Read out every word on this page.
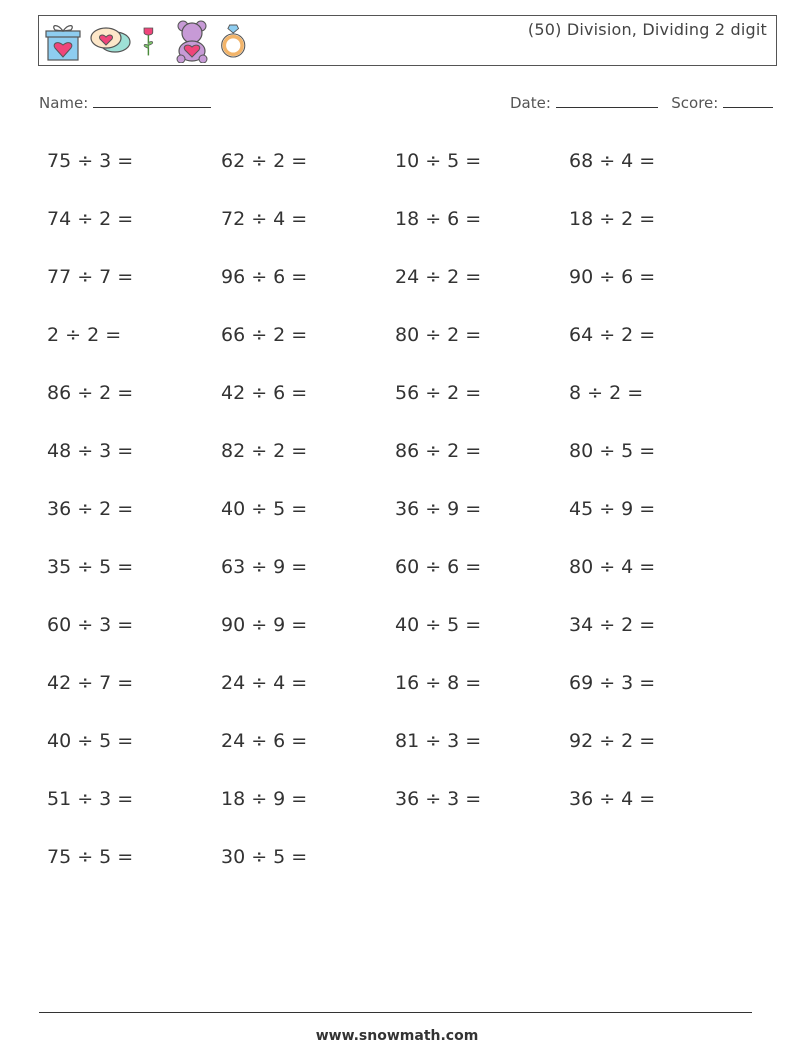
(50) Division, Dividing 2 digit
Name:	Date:	Score:
75 ÷ 3 =	62 ÷ 2 =	10 ÷ 5 =	68 ÷ 4 =
74 ÷ 2 =	72 ÷ 4 =	18 ÷ 6 =	18 ÷ 2 =
77 ÷ 7 =	96 ÷ 6 =	24 ÷ 2 =	90 ÷ 6 =
2 ÷ 2 =	66 ÷ 2 =	80 ÷ 2 =	64 ÷ 2 =
86 ÷ 2 =	42 ÷ 6 =	56 ÷ 2 =	8 ÷ 2 =
48 ÷ 3 =	82 ÷ 2 =	86 ÷ 2 =	80 ÷ 5 =
36 ÷ 2 =	40 ÷ 5 =	36 ÷ 9 =	45 ÷ 9 =
35 ÷ 5 =	63 ÷ 9 =	60 ÷ 6 =	80 ÷ 4 =
60 ÷ 3 =	90 ÷ 9 =	40 ÷ 5 =	34 ÷ 2 =
42 ÷ 7 =	24 ÷ 4 =	16 ÷ 8 =	69 ÷ 3 =
40 ÷ 5 =	24 ÷ 6 =	81 ÷ 3 =	92 ÷ 2 =
51 ÷ 3 =	18 ÷ 9 =	36 ÷ 3 =	36 ÷ 4 =
75 ÷ 5 =	30 ÷ 5 =
www.snowmath.com
